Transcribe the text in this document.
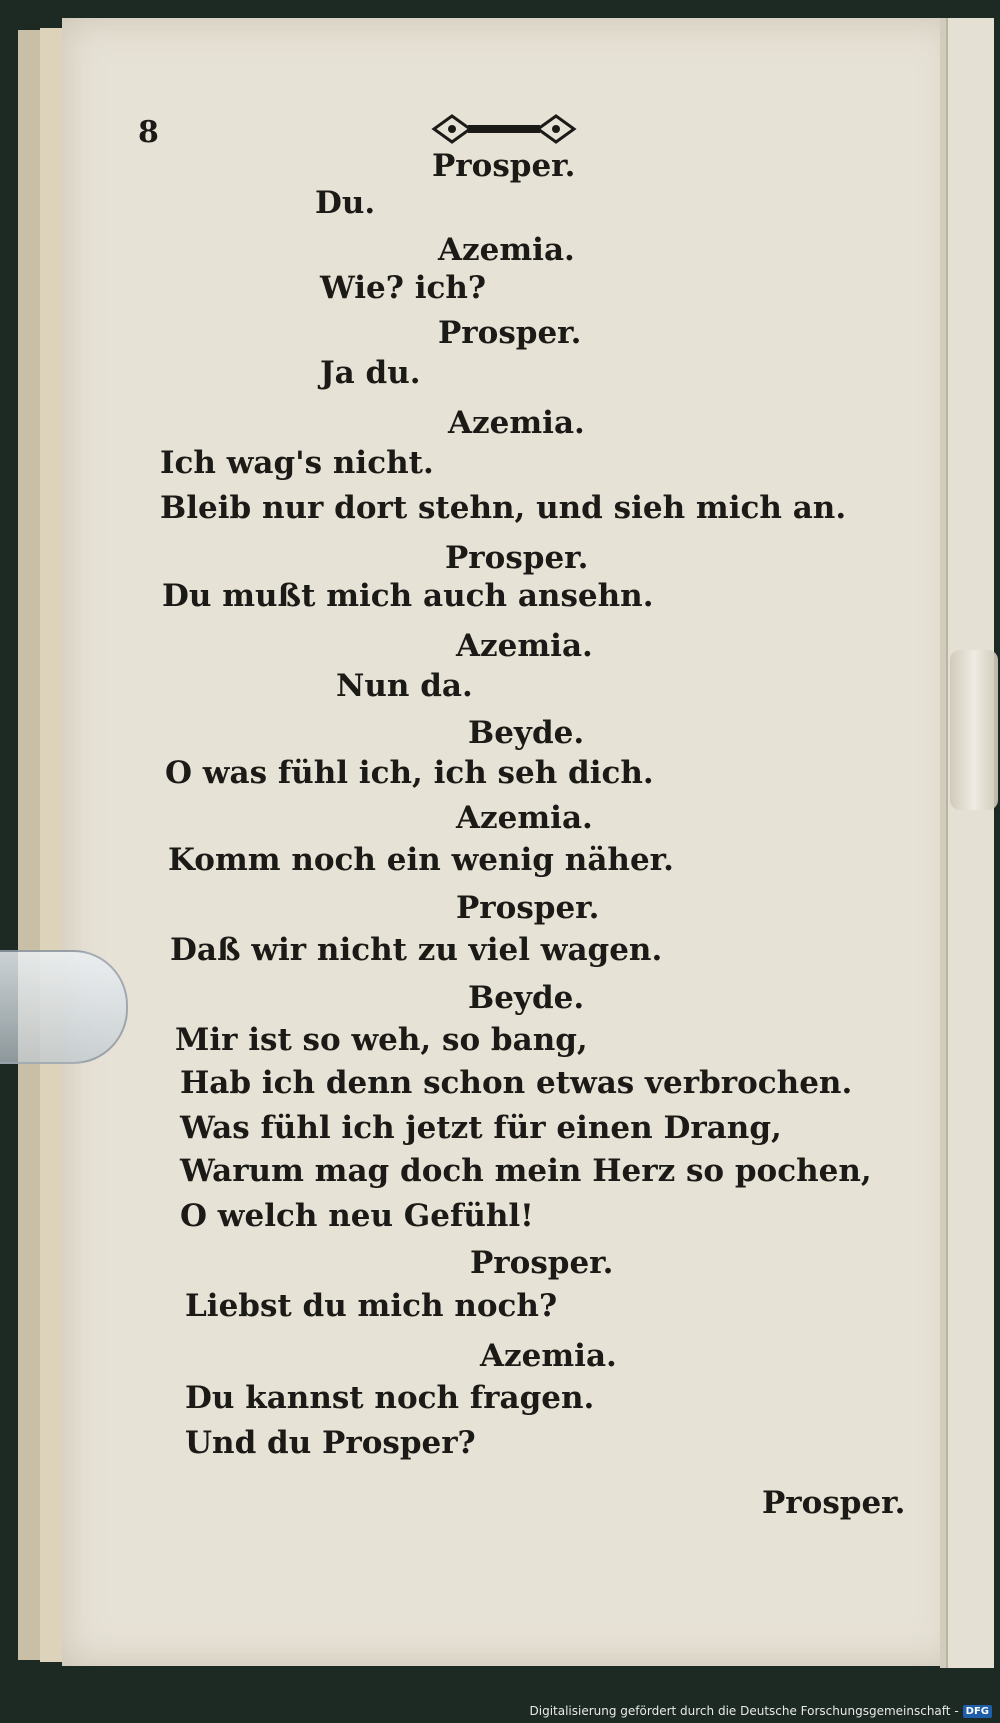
8
Prosper.
Du.
Azemia.
Wie? ich?
Prosper.
Ja du.
Azemia.
Ich wag's nicht.
Bleib nur dort stehn, und sieh mich an.
Prosper.
Du mußt mich auch ansehn.
Azemia.
Nun da.
Beyde.
O was fühl ich, ich seh dich.
Azemia.
Komm noch ein wenig näher.
Prosper.
Daß wir nicht zu viel wagen.
Beyde.
Mir ist so weh, so bang,
Hab ich denn schon etwas verbrochen.
Was fühl ich jetzt für einen Drang,
Warum mag doch mein Herz so pochen,
O welch neu Gefühl!
Prosper.
Liebst du mich noch?
Azemia.
Du kannst noch fragen.
Und du Prosper?
Prosper.
Digitalisierung gefördert durch die Deutsche Forschungsgemeinschaft - DFG
